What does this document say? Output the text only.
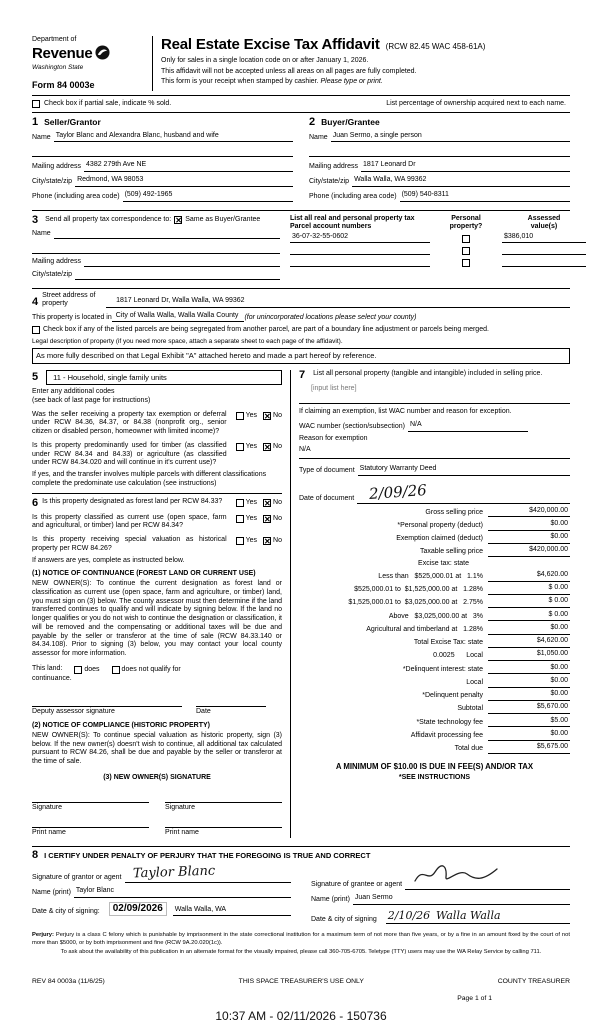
Department of
Revenue
Washington State
Form 84 0003e
Real Estate Excise Tax Affidavit (RCW 82.45 WAC 458-61A)
Only for sales in a single location code on or after January 1, 2026.
This affidavit will not be accepted unless all areas on all pages are fully completed.
This form is your receipt when stamped by cashier. Please type or print.
Check box if partial sale, indicate % sold.	List percentage of ownership acquired next to each name.
1 Seller/Grantor
Name Taylor Blanc and Alexandra Blanc, husband and wife
Mailing address 4382 279th Ave NE
City/state/zip Redmond, WA 98053
Phone (including area code) (509) 492-1965
2 Buyer/Grantee
Name Juan Sermo, a single person
Mailing address 1817 Leonard Dr
City/state/zip Walla Walla, WA 99362
Phone (including area code) (509) 540-8311
3 Send all property tax correspondence to: ✕ Same as Buyer/Grantee
Name
Mailing address
City/state/zip
List all real and personal property tax
Parcel account numbers
Personal
property?
Assessed
value(s)
36-07-32-55-0602	$386,010
4
Street address of
property	1817 Leonard Dr, Walla Walla, WA 99362
This property is located in City of Walla Walla, Walla Walla County (for unincorporated locations please select your county)
Check box if any of the listed parcels are being segregated from another parcel, are part of a boundary line adjustment or parcels being merged.
Legal description of property (if you need more space, attach a separate sheet to each page of the affidavit).
As more fully described on that Legal Exhibit "A" attached hereto and made a part hereof by reference.
5	11 - Household, single family units
Enter any additional codes
(see back of last page for instructions)
Was the seller receiving a property tax exemption or deferral under RCW 84.36, 84.37, or 84.38 (nonprofit org., senior citizen or disabled person, homeowner with limited income)?
Yes ✕ No
Is this property predominantly used for timber (as classified under RCW 84.34 and 84.33) or agriculture (as classified under RCW 84.34.020 and will continue in it's current use)?
Yes ✕ No
If yes, and the transfer involves multiple parcels with different classifications complete the predominate use calculation (see instructions)
6 Is this property designated as forest land per RCW 84.33?	Yes ✕ No
Is this property classified as current use (open space, farm and agricultural, or timber) land per RCW 84.34?
Yes ✕ No
Is this property receiving special valuation as historical property per RCW 84.26?
Yes ✕ No
If answers are yes, complete as instructed below.
(1) NOTICE OF CONTINUANCE (FOREST LAND OR CURRENT USE)
NEW OWNER(S): To continue the current designation as forest land or classification as current use (open space, farm and agriculture, or timber) land, you must sign on (3) below. The county assessor must then determine if the land transferred continues to qualify and will indicate by signing below. If the land no longer qualifies or you do not wish to continue the designation or classification, it will be removed and the compensating or additional taxes will be due and payable by the seller or transferor at the time of sale (RCW 84.33.140 or 84.34.108). Prior to signing (3) below, you may contact your local county assessor for more information.
This land:	does	does not qualify for
continuance.
Deputy assessor signature	Date
(2) NOTICE OF COMPLIANCE (HISTORIC PROPERTY)
NEW OWNER(S): To continue special valuation as historic property, sign (3) below. If the new owner(s) doesn't wish to continue, all additional tax calculated pursuant to RCW 84.26, shall be due and payable by the seller or transferor at the time of sale.
(3) NEW OWNER(S) SIGNATURE
Signature	Signature
Print name	Print name
7 List all personal property (tangible and intangible) included in selling price.
[input list here]
If claiming an exemption, list WAC number and reason for exception.
WAC number (section/subsection) N/A
Reason for exemption
N/A
Type of document Statutory Warranty Deed
Date of document 2/09/26
Gross selling price	$420,000.00
*Personal property (deduct)	$0.00
Exemption claimed (deduct)	$0.00
Taxable selling price	$420,000.00
Excise tax: state
Less than   $525,000.01 at   1.1%	$4,620.00
$525,000.01 to  $1,525,000.00 at   1.28%	$ 0.00
$1,525,000.01 to  $3,025,000.00 at   2.75%	$ 0.00
Above   $3,025,000.00 at   3%	$ 0.00
Agricultural and timberland at   1.28%	$0.00
Total Excise Tax: state	$4,620.00
0.0025      Local	$1,050.00
*Delinquent interest: state	$0.00
Local	$0.00
*Delinquent penalty	$0.00
Subtotal	$5,670.00
*State technology fee	$5.00
Affidavit processing fee	$0.00
Total due	$5,675.00
A MINIMUM OF $10.00 IS DUE IN FEE(S) AND/OR TAX
*SEE INSTRUCTIONS
8 I CERTIFY UNDER PENALTY OF PERJURY THAT THE FOREGOING IS TRUE AND CORRECT
Signature of grantor or agent Taylor Blanc
Name (print) Taylor Blanc
Date & city of signing:	02/09/2026	Walla Walla, WA
Signature of grantee or agent
Name (print) Juan Sermo
Date & city of signing 2/10/26 Walla Walla
Perjury: Perjury is a class C felony which is punishable by imprisonment in the state correctional institution for a maximum term of not more than five years, or by a fine in an amount fixed by the court of not more than $5000, or by both imprisonment and fine (RCW 9A.20.020(1c)).
To ask about the availability of this publication in an alternate format for the visually impaired, please call 360-705-6705. Teletype (TTY) users may use the WA Relay Service by calling 711.
REV 84 0003a (11/6/25)	THIS SPACE TREASURER'S USE ONLY	COUNTY TREASURER
Page 1 of 1
10:37 AM - 02/11/2026 - 150736
